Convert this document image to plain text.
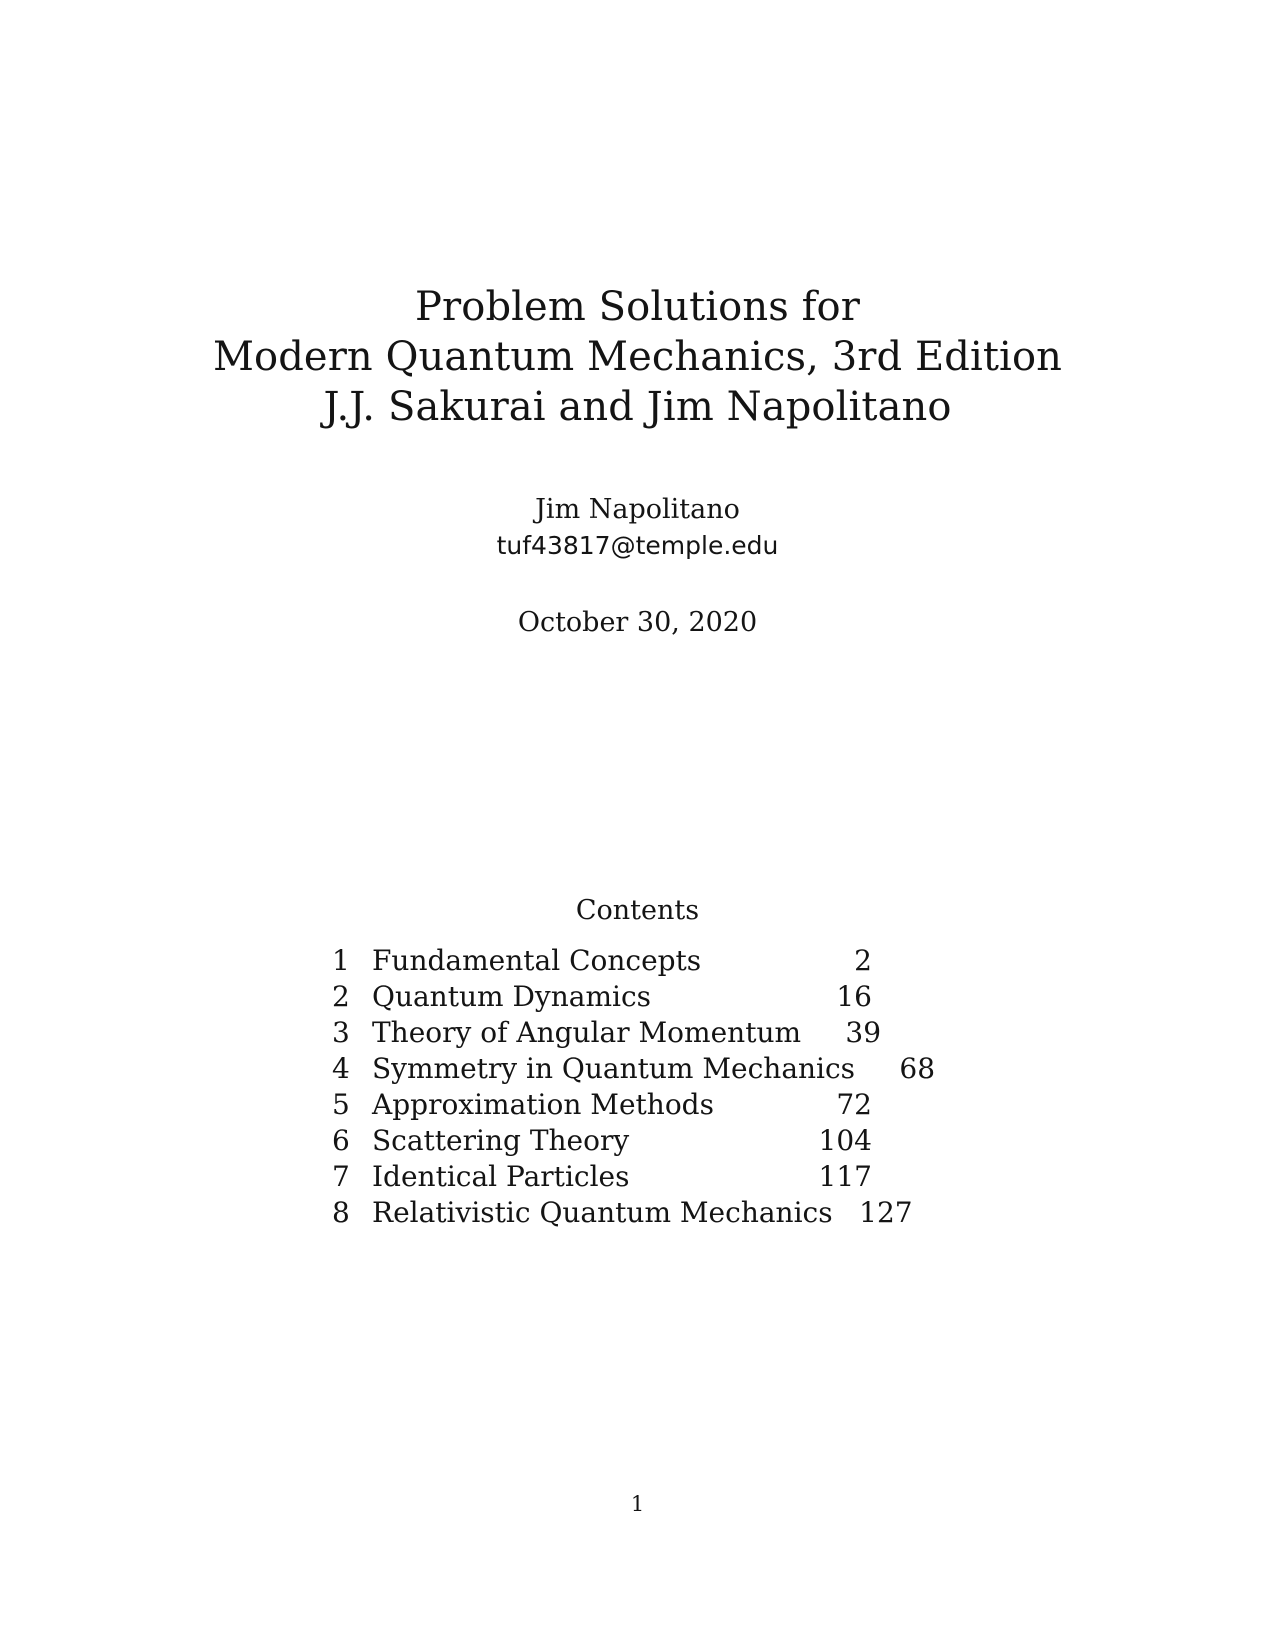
Problem Solutions for
Modern Quantum Mechanics, 3rd Edition
J.J. Sakurai and Jim Napolitano
Jim Napolitano
tuf43817@temple.edu
October 30, 2020
Contents
1 Fundamental Concepts	2
2 Quantum Dynamics	16
3 Theory of Angular Momentum	39
4 Symmetry in Quantum Mechanics	68
5 Approximation Methods	72
6 Scattering Theory	104
7 Identical Particles	117
8 Relativistic Quantum Mechanics 127
1
